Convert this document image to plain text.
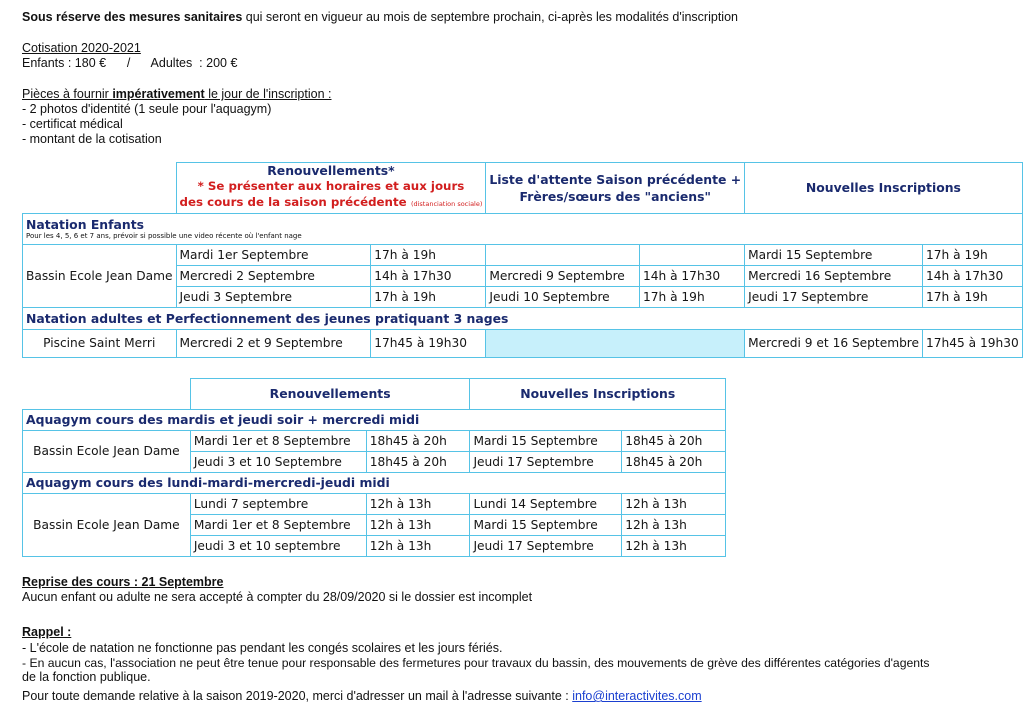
Sous réserve des mesures sanitaires qui seront en vigueur au mois de septembre prochain, ci-après les modalités d'inscription
Cotisation 2020-2021
Enfants : 180 €      /      Adultes  : 200 €
Pièces à fournir impérativement le jour de l'inscription :
- 2 photos d'identité (1 seule pour l'aquagym)
- certificat médical
- montant de la cotisation
	Renouvellements*
* Se présenter aux horaires et aux jours
des cours de la saison précédente (distanciation sociale)		Liste d'attente Saison précédente +
Frères/sœurs des "anciens"		Nouvelles Inscriptions	
Natation Enfants
Pour les 4, 5, 6 et 7 ans, prévoir si possible une video récente où l'enfant nage						

Bassin Ecole Jean Dame	Mardi 1er Septembre	17h à 19h			Mardi 15 Septembre	17h à 19h
	Mercredi 2 Septembre	14h à 17h30	Mercredi 9 Septembre	14h à 17h30	Mercredi 16 Septembre	14h à 17h30
	Jeudi 3 Septembre	17h à 19h	Jeudi 10 Septembre	17h à 19h	Jeudi 17 Septembre	17h à 19h
Natation adultes et Perfectionnement des jeunes pratiquant 3 nages						
Piscine Saint Merri	Mercredi 2 et 9 Septembre	17h45 à 19h30			Mercredi 9 et 16 Septembre	17h45 à 19h30
	Renouvellements		Nouvelles Inscriptions	
Aquagym cours des mardis et jeudi soir + mercredi midi				
Bassin Ecole Jean Dame	Mardi 1er et 8 Septembre	18h45 à 20h	Mardi 15 Septembre	18h45 à 20h
	Jeudi 3 et 10 Septembre	18h45 à 20h	Jeudi 17 Septembre	18h45 à 20h
Aquagym cours des lundi-mardi-mercredi-jeudi midi				
Bassin Ecole Jean Dame	Lundi 7 septembre	12h à 13h	Lundi 14 Septembre	12h à 13h
	Mardi 1er et 8 Septembre	12h à 13h	Mardi 15 Septembre	12h à 13h
	Jeudi 3 et 10 septembre	12h à 13h	Jeudi 17 Septembre	12h à 13h
Reprise des cours : 21 Septembre
Aucun enfant ou adulte ne sera accepté à compter du 28/09/2020 si le dossier est incomplet
Rappel :
- L'école de natation ne fonctionne pas pendant les congés scolaires et les jours fériés.
- En aucun cas, l'association ne peut être tenue pour responsable des fermetures pour travaux du bassin, des mouvements de grève des différentes catégories d'agents
de la fonction publique.
Pour toute demande relative à la saison 2019-2020, merci d'adresser un mail à l'adresse suivante : info@interactivites.com
